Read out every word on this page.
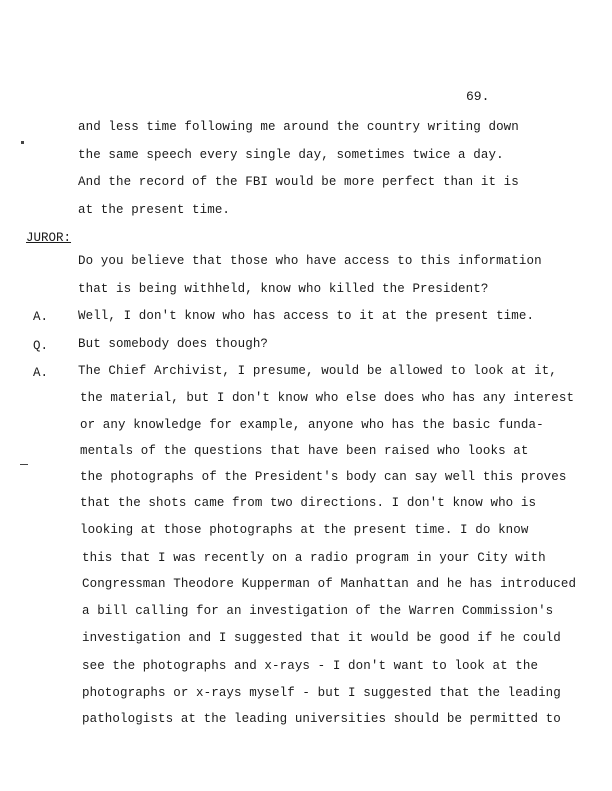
69.
and less time following me around the country writing down
the same speech every single day, sometimes twice a day.
And the record of the FBI would be more perfect than it is
at the present time.
JUROR:
Do you believe that those who have access to this information
that is being withheld, know who killed the President?
A. Well, I don't know who has access to it at the present time.
Q. But somebody does though?
A. The Chief Archivist, I presume, would be allowed to look at it,
the material, but I don't know who else does who has any interest
or any knowledge for example, anyone who has the basic funda-
mentals of the questions that have been raised who looks at
the photographs of the President's body can say well this proves
that the shots came from two directions. I don't know who is
looking at those photographs at the present time. I do know
this that I was recently on a radio program in your City with
Congressman Theodore Kupperman of Manhattan and he has introduced
a bill calling for an investigation of the Warren Commission's
investigation and I suggested that it would be good if he could
see the photographs and x-rays - I don't want to look at the
photographs or x-rays myself - but I suggested that the leading
pathologists at the leading universities should be permitted to
